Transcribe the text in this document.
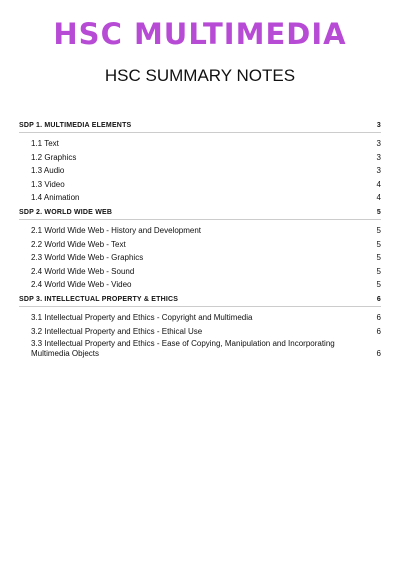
HSC MULTIMEDIA
HSC SUMMARY NOTES
SDP 1. MULTIMEDIA ELEMENTS	3
1.1 Text	3
1.2 Graphics	3
1.3 Audio	3
1.3 Video	4
1.4 Animation	4
SDP 2. WORLD WIDE WEB	5
2.1 World Wide Web - History and Development	5
2.2 World Wide Web - Text	5
2.3 World Wide Web - Graphics	5
2.4 World Wide Web - Sound	5
2.4 World Wide Web - Video	5
SDP 3. INTELLECTUAL PROPERTY & ETHICS	6
3.1 Intellectual Property and Ethics - Copyright and Multimedia	6
3.2 Intellectual Property and Ethics - Ethical Use	6
3.3 Intellectual Property and Ethics - Ease of Copying, Manipulation and Incorporating Multimedia Objects	6
